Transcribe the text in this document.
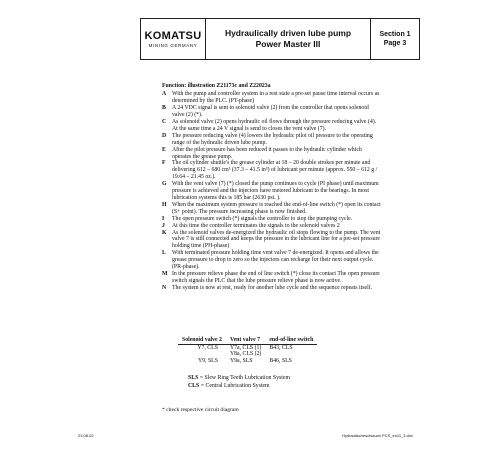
KOMATSU
MINING GERMANY
Hydraulically driven lube pump
Power Master III
Section 1
Page 3
Function: illustration Z21173c and Z22023a
A	With the pump and controller system in a rest state a pre-set pause time interval occurs as determined by the PLC. (PT-phase)
B	A 24 VDC signal is sent to solenoid valve (2) from the controller that opens solenoid valve (2) (*).
C	As solenoid valve (2) opens hydraulic oil flows through the pressure reducing valve (4). At the same time a 24 V signal is send to closes the vent valve (7).
D	The pressure reducing valve (4) lowers the hydraulic pilot oil pressure to the operating range of the hydraulic driven lube pump.
E	After the pilot pressure has been reduced it passes to the hydraulic cylinder which operates the grease pump.
F	The oil cylinder shuttle's the grease cylinder at 18 – 20 double strokes per minute and delivering 612 – 680 cm³ (37.3 – 41.5 in³) of lubricant per minute (approx. 550 – 612 g / 19.64 – 21.45 oz.).
G With the vent valve (7) (*) closed the pump continues to cycle (PI phase) until maximum pressure is achieved and the injectors have metered lubricant to the bearings. In most lubrication systems this is 185 bar (2630 psi. ).
H When the maximum system pressure is reached the end-of-line switch (*) open its contact (S+ point). The pressure increasing phase is now finished.
I	The open pressure switch (*) signals the controller to stop the pumping cycle.
J	At this time the controller terminates the signals to the solenoid valves 2
K As the solenoid valves de-energized the hydraulic oil stops flowing to the pump. The vent valve 7 is still connected and keeps the pressure in the lubricant line for a pre-set pressure holding time (PH-phase)
L	With terminated pressure holding time vent valve 7 de-energized. It opens and allows the grease pressure to drop to zero so the injectors can recharge for their next output cycle. (PR-phase).
M In the pressure relieve phase the end of line switch (*) close its contact The open pressure switch signals the PLC that the lube pressure relieve phase is now active.
N	The system is now at rest, ready for another lube cycle and the sequence repeats itself.
Solenoid valve 2	Vent valve 7	end-of-line switch
Y7, CLS	Y7a, CLS (1)	B43, CLS
	Y8a, CLS (2)	
Y9, SLS	Y9a, SLS	B46, SLS
SLS = Slew Ring Teeth Lubrication System
CLS = Central Lubrication System
* check respective circuit diagram
23.08.02	Hydraulischeschlauch PCS_en11_3.doc
